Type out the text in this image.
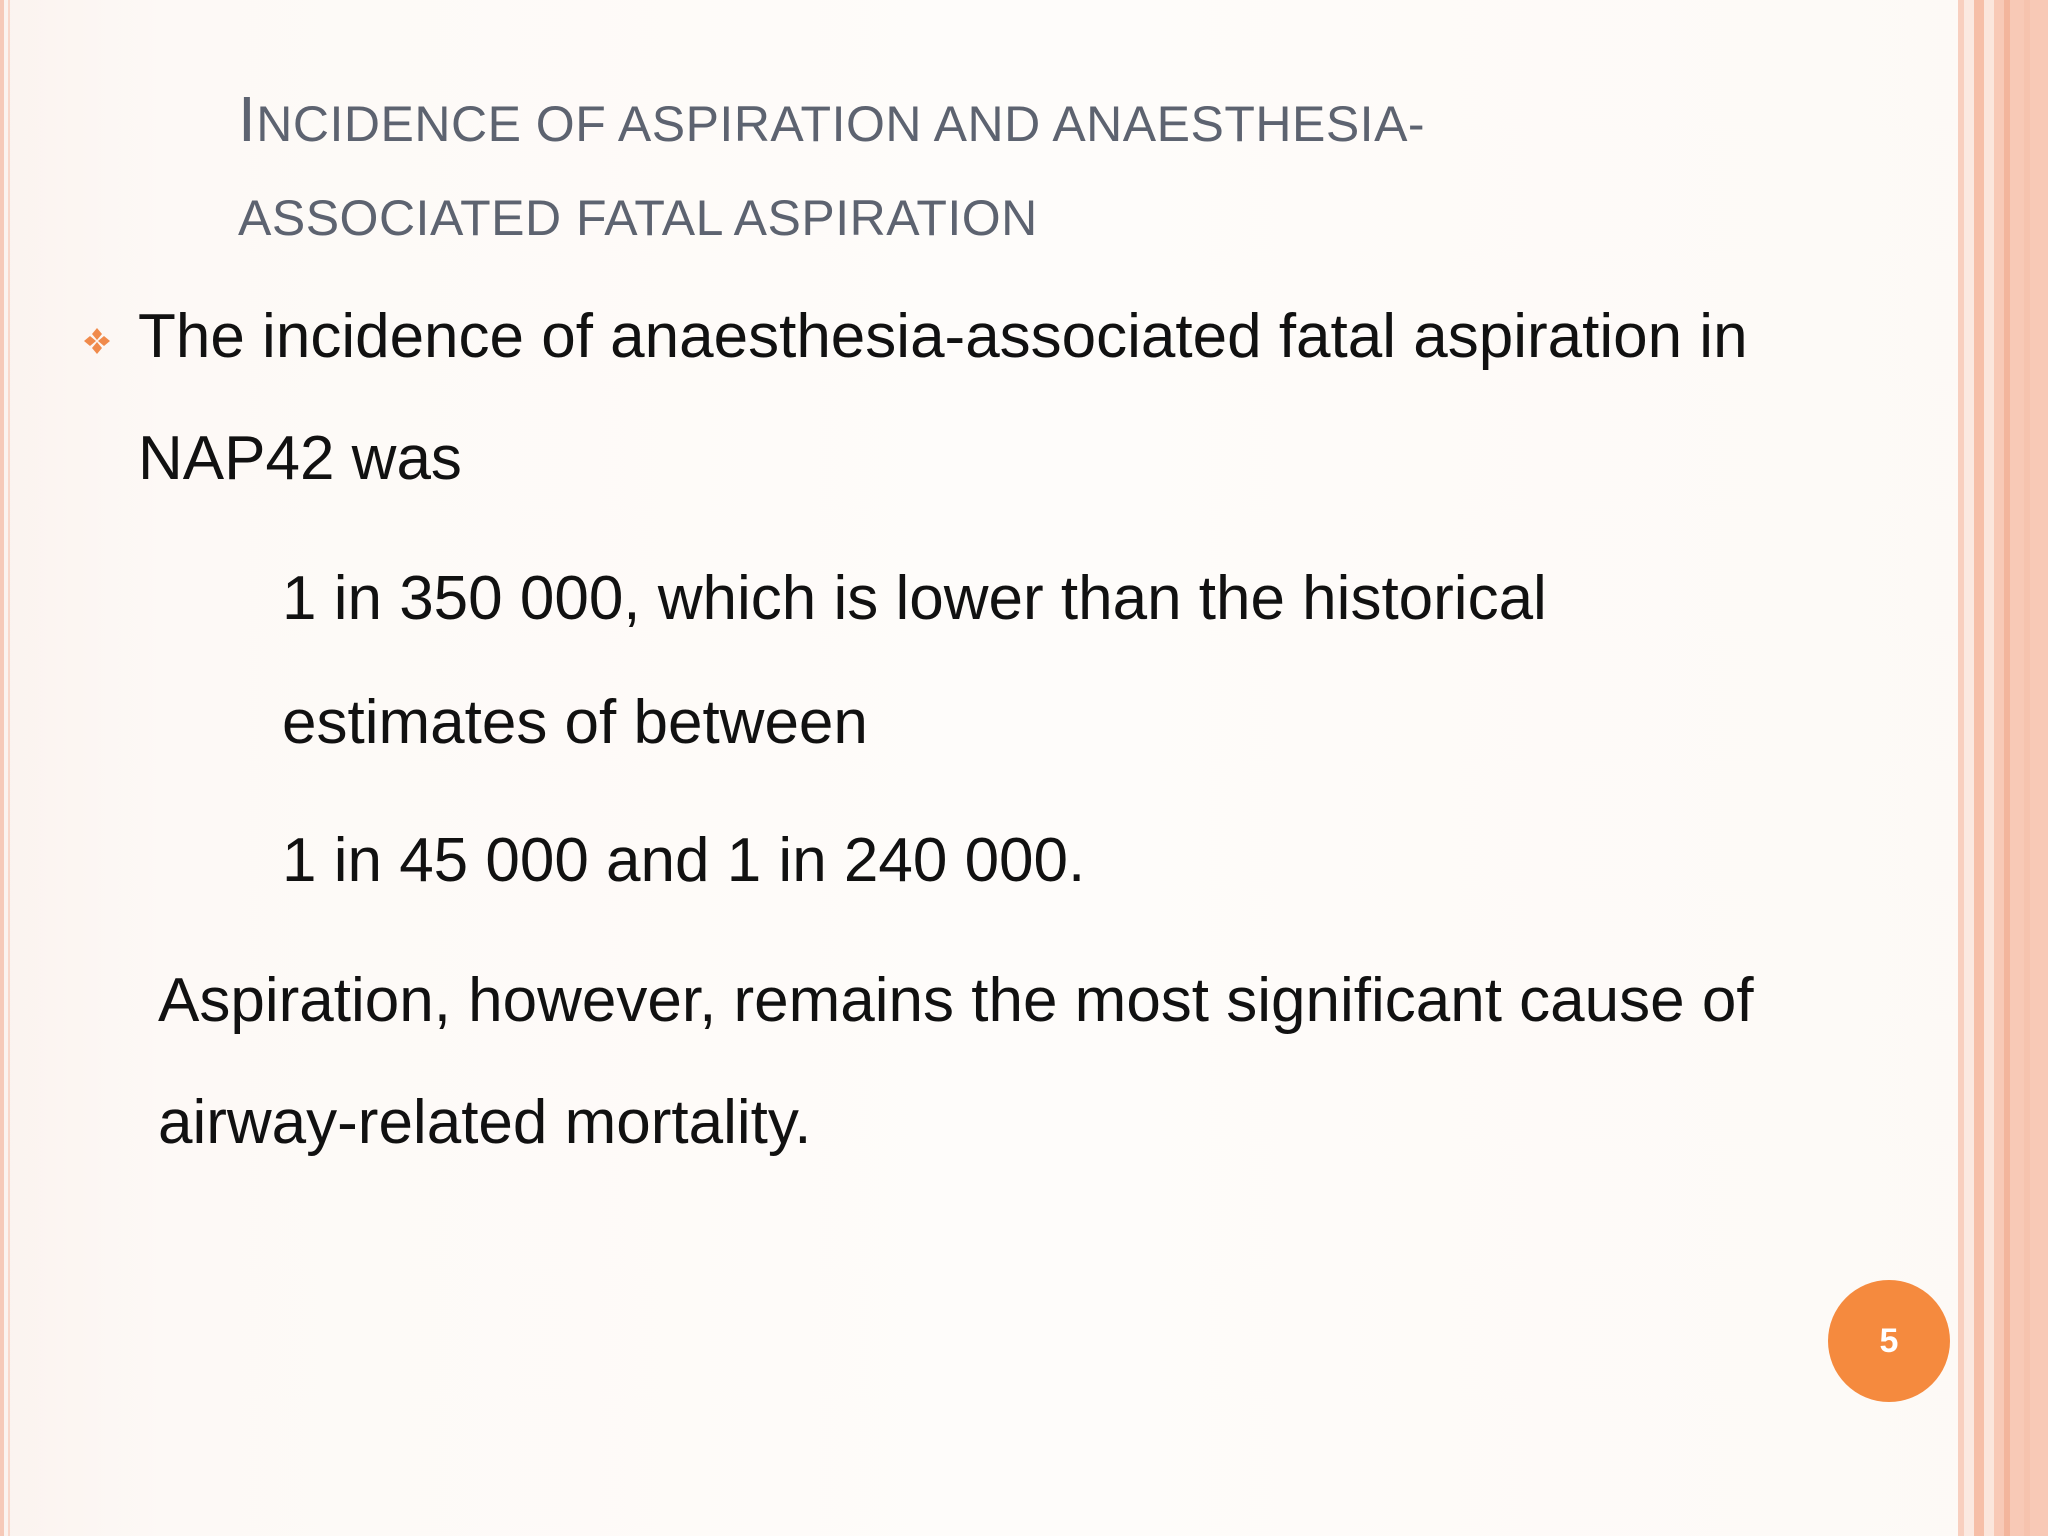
INCIDENCE OF ASPIRATION AND ANAESTHESIA-
ASSOCIATED FATAL ASPIRATION
The incidence of anaesthesia-associated fatal aspiration in
NAP42 was
1 in 350 000, which is lower than the historical
estimates of between
1 in 45 000 and 1 in 240 000.
Aspiration, however, remains the most significant cause of
airway-related mortality.
5
